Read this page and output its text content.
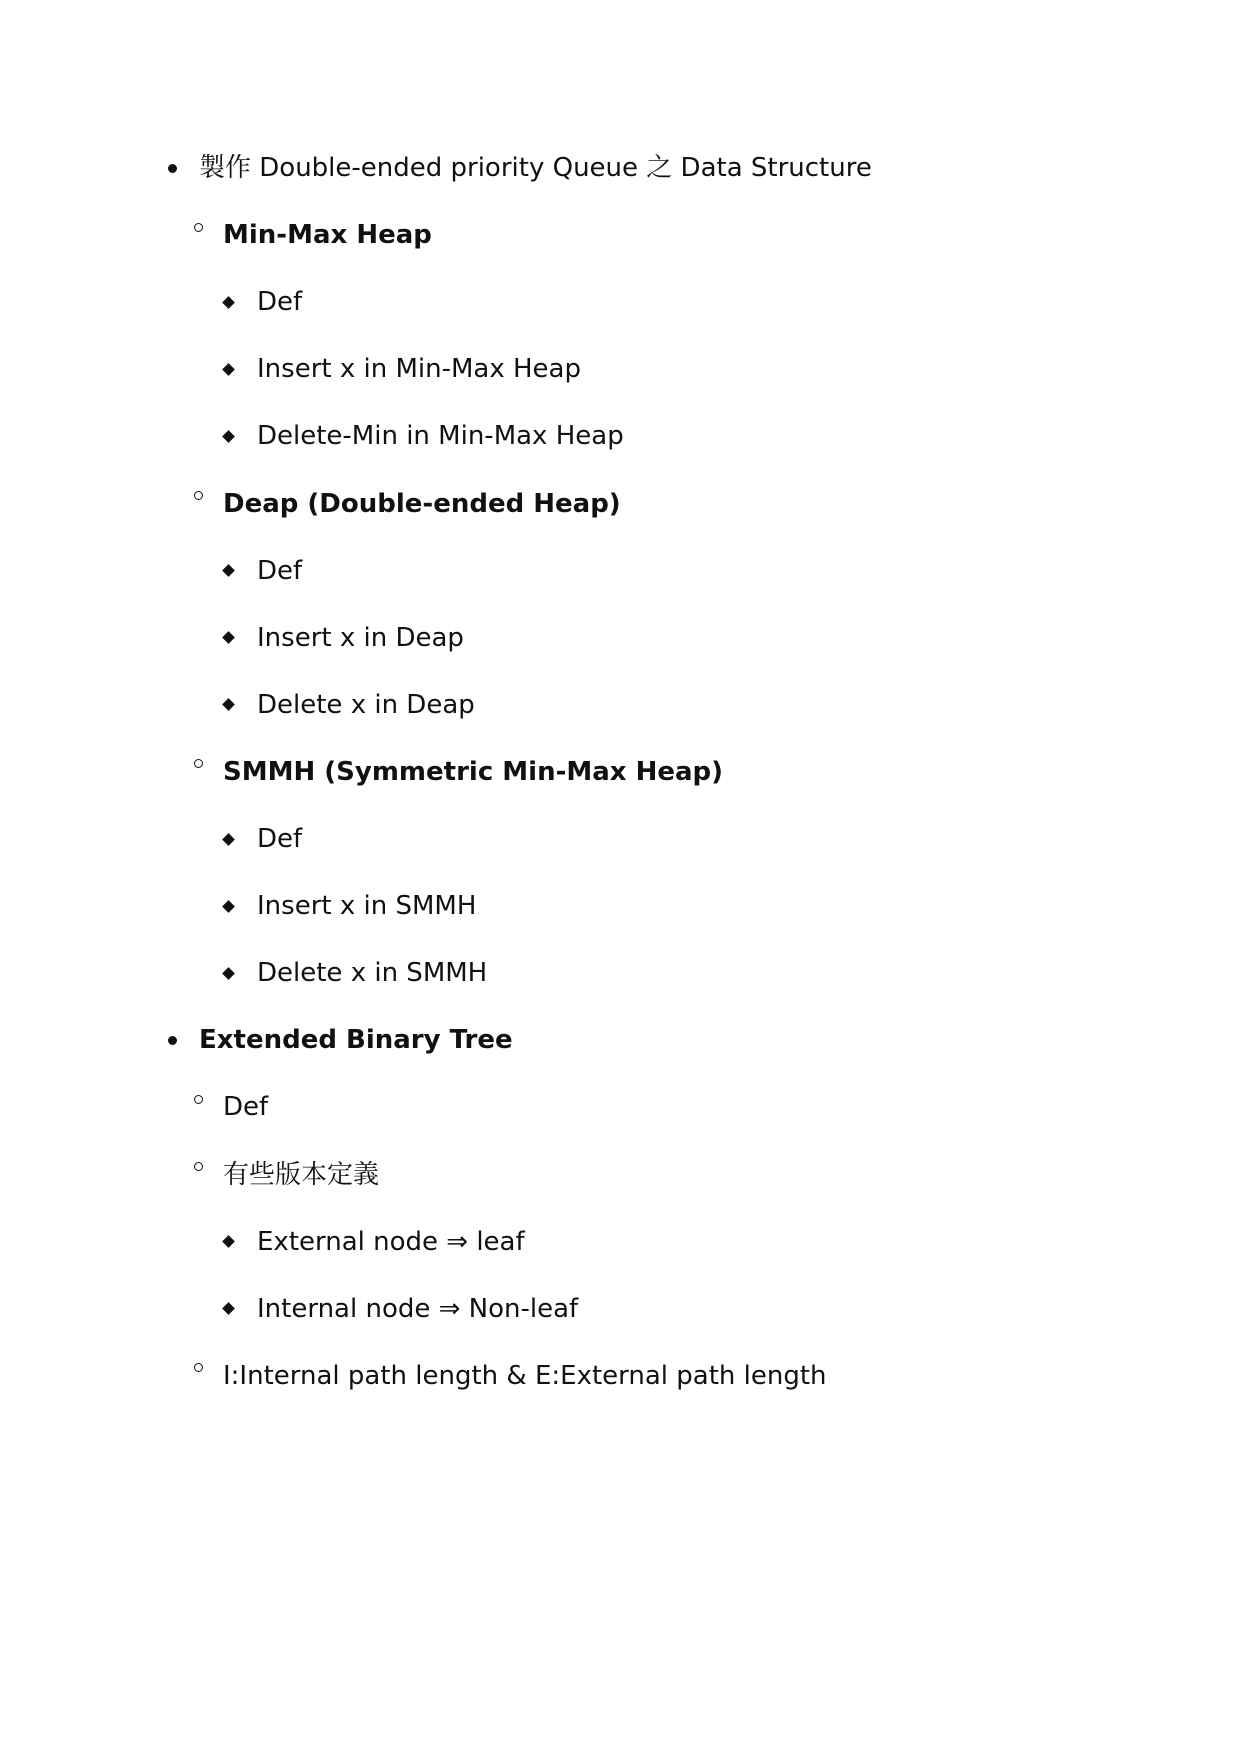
製作 Double-ended priority Queue 之 Data Structure
Min-Max Heap
Def
Insert x in Min-Max Heap
Delete-Min in Min-Max Heap
Deap (Double-ended Heap)
Def
Insert x in Deap
Delete x in Deap
SMMH (Symmetric Min-Max Heap)
Def
Insert x in SMMH
Delete x in SMMH
Extended Binary Tree
Def
有些版本定義
External node ⇒ leaf
Internal node ⇒ Non-leaf
I:Internal path length & E:External path length
